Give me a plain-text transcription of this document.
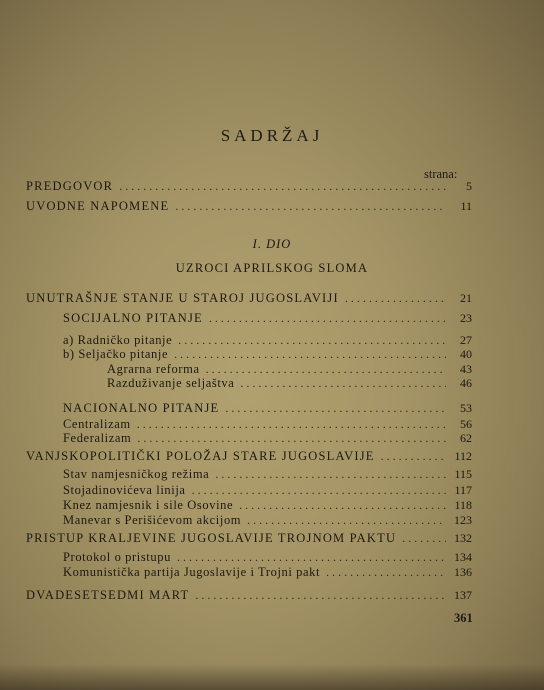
SADRŽAJ
strana:
PREDGOVOR . . .	5
UVODNE NAPOMENE . . .	11
I. DIO
UZROCI APRILSKOG SLOMA
UNUTRAŠNJE STANJE U STAROJ JUGOSLAVIJI . . .	21
SOCIJALNO PITANJE . . .	23
a) Radničko pitanje . . .	27
b) Seljačko pitanje . . .	40
Agrarna reforma . . .	43
Razduživanje seljaštva . . .	46
NACIONALNO PITANJE . . .	53
Centralizam . . .	56
Federalizam . . .	62
VANJSKOPOLITIČKI POLOŽAJ STARE JUGOSLAVIJE . . .	112
Stav namjesničkog režima . . .	115
Stojadinovićeva linija . . .	117
Knez namjesnik i sile Osovine . . .	118
Manevar s Perišićevom akcijom . . .	123
PRISTUP KRALJEVINE JUGOSLAVIJE TROJNOM PAKTU . . .	132
Protokol o pristupu . . .	134
Komunistička partija Jugoslavije i Trojni pakt . . .	136
DVADESETSEDMI MART . . .	137
361
